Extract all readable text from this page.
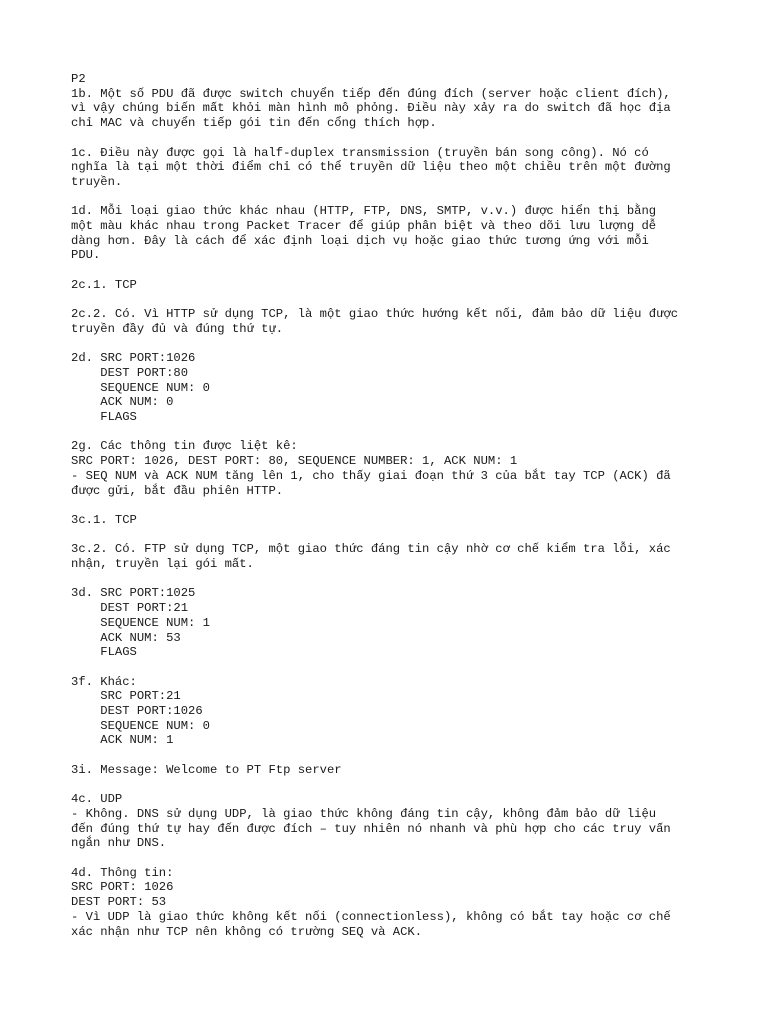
P2
1b. Một số PDU đã được switch chuyển tiếp đến đúng đích (server hoặc client đích),
vì vậy chúng biến mất khỏi màn hình mô phỏng. Điều này xảy ra do switch đã học địa
chỉ MAC và chuyển tiếp gói tin đến cổng thích hợp.
1c. Điều này được gọi là half-duplex transmission (truyền bán song công). Nó có
nghĩa là tại một thời điểm chỉ có thể truyền dữ liệu theo một chiều trên một đường
truyền.
1d. Mỗi loại giao thức khác nhau (HTTP, FTP, DNS, SMTP, v.v.) được hiển thị bằng
một màu khác nhau trong Packet Tracer để giúp phân biệt và theo dõi lưu lượng dễ
dàng hơn. Đây là cách để xác định loại dịch vụ hoặc giao thức tương ứng với mỗi
PDU.
2c.1. TCP
2c.2. Có. Vì HTTP sử dụng TCP, là một giao thức hướng kết nối, đảm bảo dữ liệu được
truyền đầy đủ và đúng thứ tự.
2d. SRC PORT:1026
DEST PORT:80
SEQUENCE NUM: 0
ACK NUM: 0
FLAGS
2g. Các thông tin được liệt kê:
SRC PORT: 1026, DEST PORT: 80, SEQUENCE NUMBER: 1, ACK NUM: 1
- SEQ NUM và ACK NUM tăng lên 1, cho thấy giai đoạn thứ 3 của bắt tay TCP (ACK) đã
được gửi, bắt đầu phiên HTTP.
3c.1. TCP
3c.2. Có. FTP sử dụng TCP, một giao thức đáng tin cậy nhờ cơ chế kiểm tra lỗi, xác
nhận, truyền lại gói mất.
3d. SRC PORT:1025
DEST PORT:21
SEQUENCE NUM: 1
ACK NUM: 53
FLAGS
3f. Khác:
SRC PORT:21
DEST PORT:1026
SEQUENCE NUM: 0
ACK NUM: 1
3i. Message: Welcome to PT Ftp server
4c. UDP
- Không. DNS sử dụng UDP, là giao thức không đáng tin cậy, không đảm bảo dữ liệu
đến đúng thứ tự hay đến được đích – tuy nhiên nó nhanh và phù hợp cho các truy vấn
ngắn như DNS.
4d. Thông tin:
SRC PORT: 1026
DEST PORT: 53
- Vì UDP là giao thức không kết nối (connectionless), không có bắt tay hoặc cơ chế
xác nhận như TCP nên không có trường SEQ và ACK.
